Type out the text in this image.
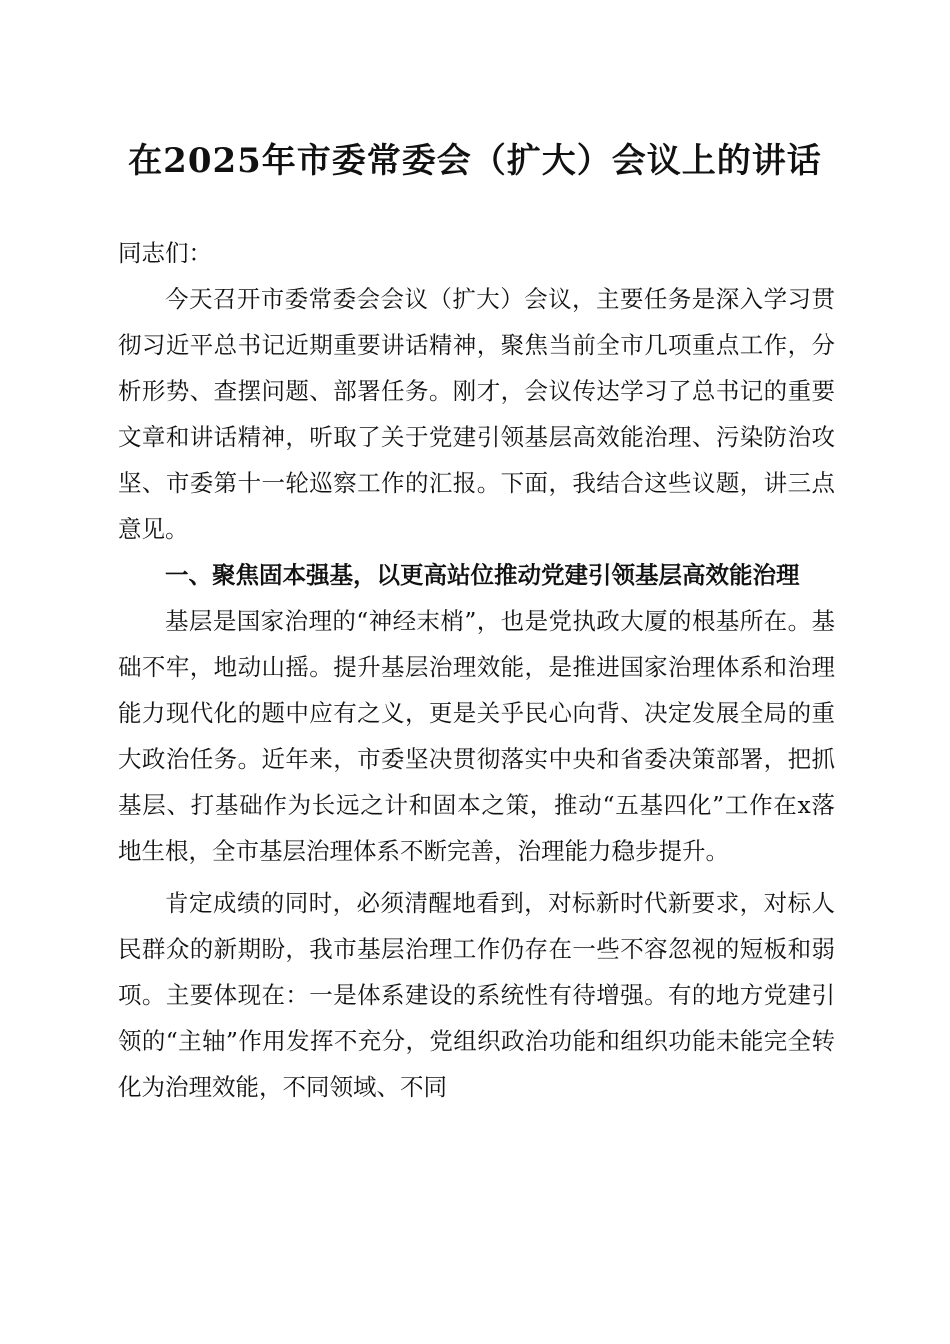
在2025年市委常委会（扩大）会议上的讲话

同志们：

今天召开市委常委会会议（扩大）会议，主要任务是深入学习贯彻习近平总书记近期重要讲话精神，聚焦当前全市几项重点工作，分析形势、查摆问题、部署任务。刚才，会议传达学习了总书记的重要文章和讲话精神，听取了关于党建引领基层高效能治理、污染防治攻坚、市委第十一轮巡察工作的汇报。下面，我结合这些议题，讲三点意见。

一、聚焦固本强基，以更高站位推动党建引领基层高效能治理

基层是国家治理的“神经末梢”，也是党执政大厦的根基所在。基础不牢，地动山摇。提升基层治理效能，是推进国家治理体系和治理能力现代化的题中应有之义，更是关乎民心向背、决定发展全局的重大政治任务。近年来，市委坚决贯彻落实中央和省委决策部署，把抓基层、打基础作为长远之计和固本之策，推动“五基四化”工作在x落地生根，全市基层治理体系不断完善，治理能力稳步提升。

肯定成绩的同时，必须清醒地看到，对标新时代新要求，对标人民群众的新期盼，我市基层治理工作仍存在一些不容忽视的短板和弱项。主要体现在：一是体系建设的系统性有待增强。有的地方党建引领的“主轴”作用发挥不充分，党组织政治功能和组织功能未能完全转化为治理效能，不同领域、不同
